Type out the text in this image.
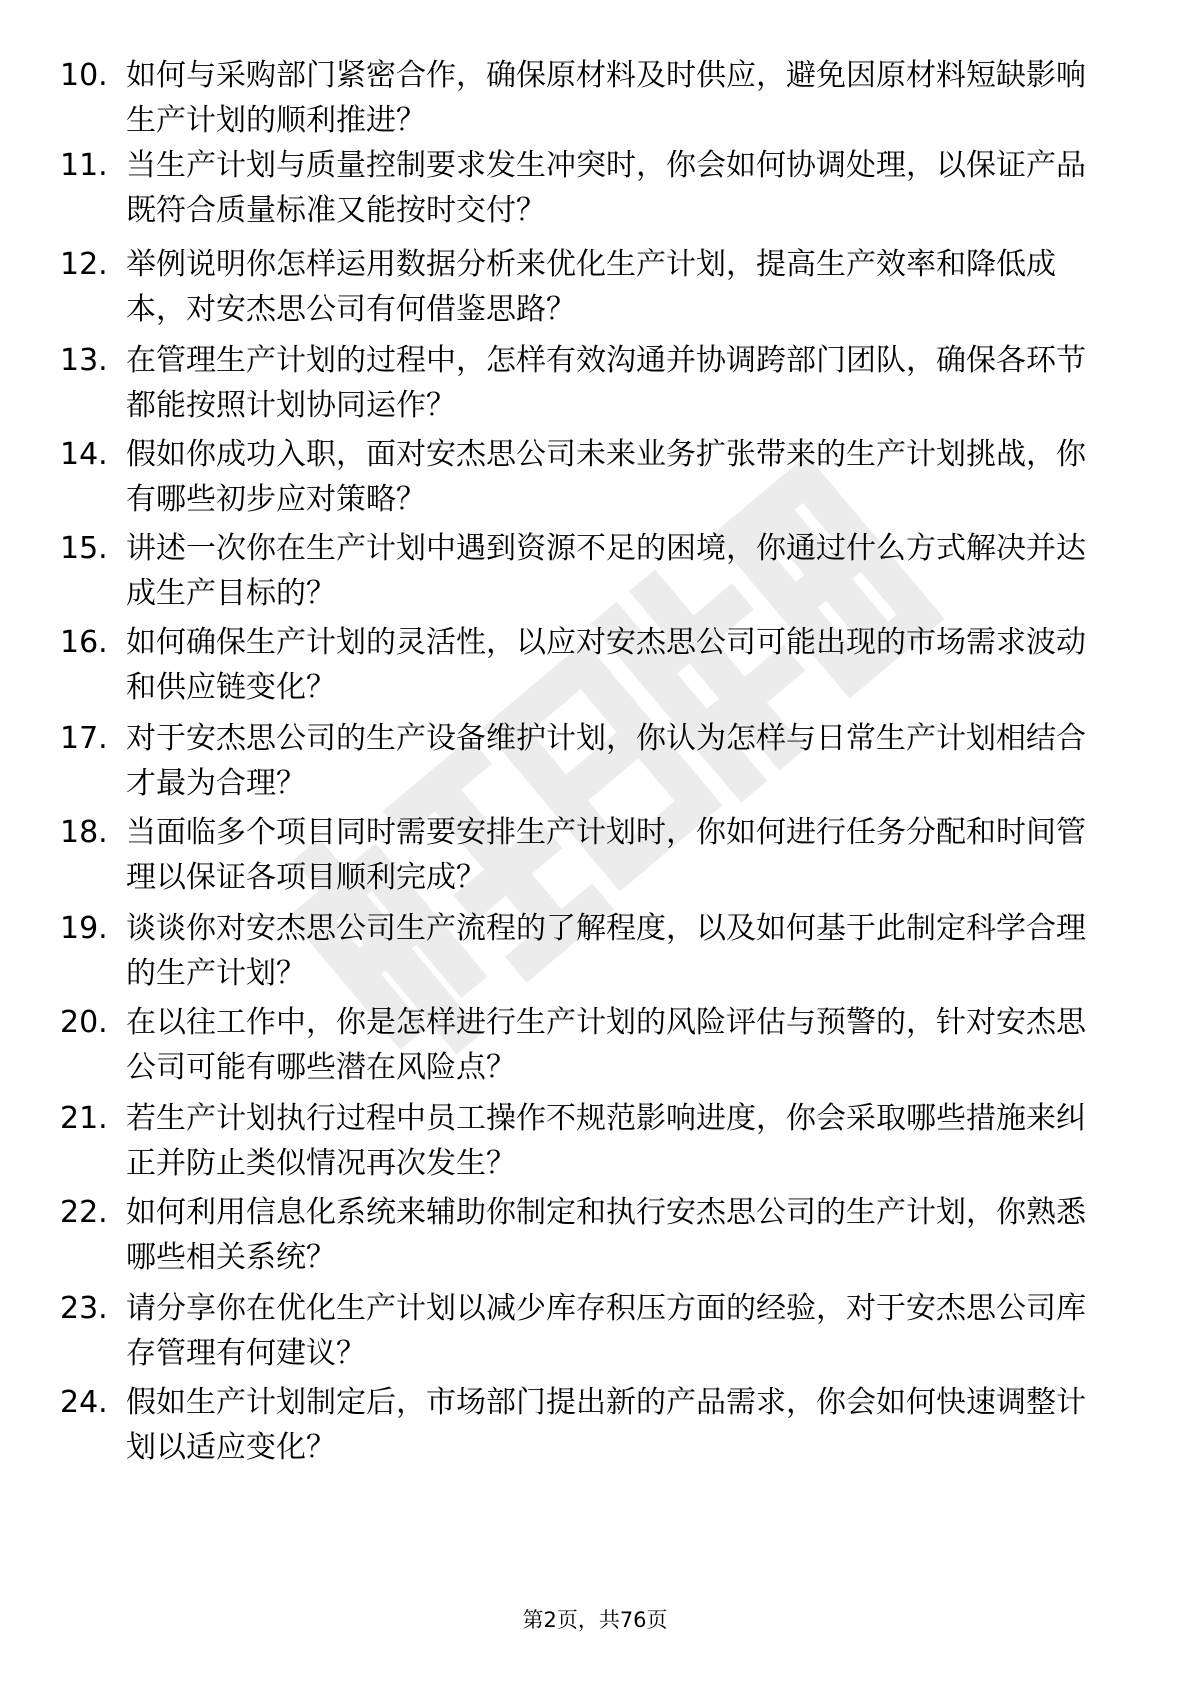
10. 如何与采购部门紧密合作，确保原材料及时供应，避免因原材料短缺影响生产计划的顺利推进？
11. 当生产计划与质量控制要求发生冲突时，你会如何协调处理，以保证产品既符合质量标准又能按时交付？
12. 举例说明你怎样运用数据分析来优化生产计划，提高生产效率和降低成本，对安杰思公司有何借鉴思路？
13. 在管理生产计划的过程中，怎样有效沟通并协调跨部门团队，确保各环节都能按照计划协同运作？
14. 假如你成功入职，面对安杰思公司未来业务扩张带来的生产计划挑战，你有哪些初步应对策略？
15. 讲述一次你在生产计划中遇到资源不足的困境，你通过什么方式解决并达成生产目标的？
16. 如何确保生产计划的灵活性，以应对安杰思公司可能出现的市场需求波动和供应链变化？
17. 对于安杰思公司的生产设备维护计划，你认为怎样与日常生产计划相结合才最为合理？
18. 当面临多个项目同时需要安排生产计划时，你如何进行任务分配和时间管理以保证各项目顺利完成？
19. 谈谈你对安杰思公司生产流程的了解程度，以及如何基于此制定科学合理的生产计划？
20. 在以往工作中，你是怎样进行生产计划的风险评估与预警的，针对安杰思公司可能有哪些潜在风险点？
21. 若生产计划执行过程中员工操作不规范影响进度，你会采取哪些措施来纠正并防止类似情况再次发生？
22. 如何利用信息化系统来辅助你制定和执行安杰思公司的生产计划，你熟悉哪些相关系统？
23. 请分享你在优化生产计划以减少库存积压方面的经验，对于安杰思公司库存管理有何建议？
24. 假如生产计划制定后，市场部门提出新的产品需求，你会如何快速调整计划以适应变化？
第2页，共76页
